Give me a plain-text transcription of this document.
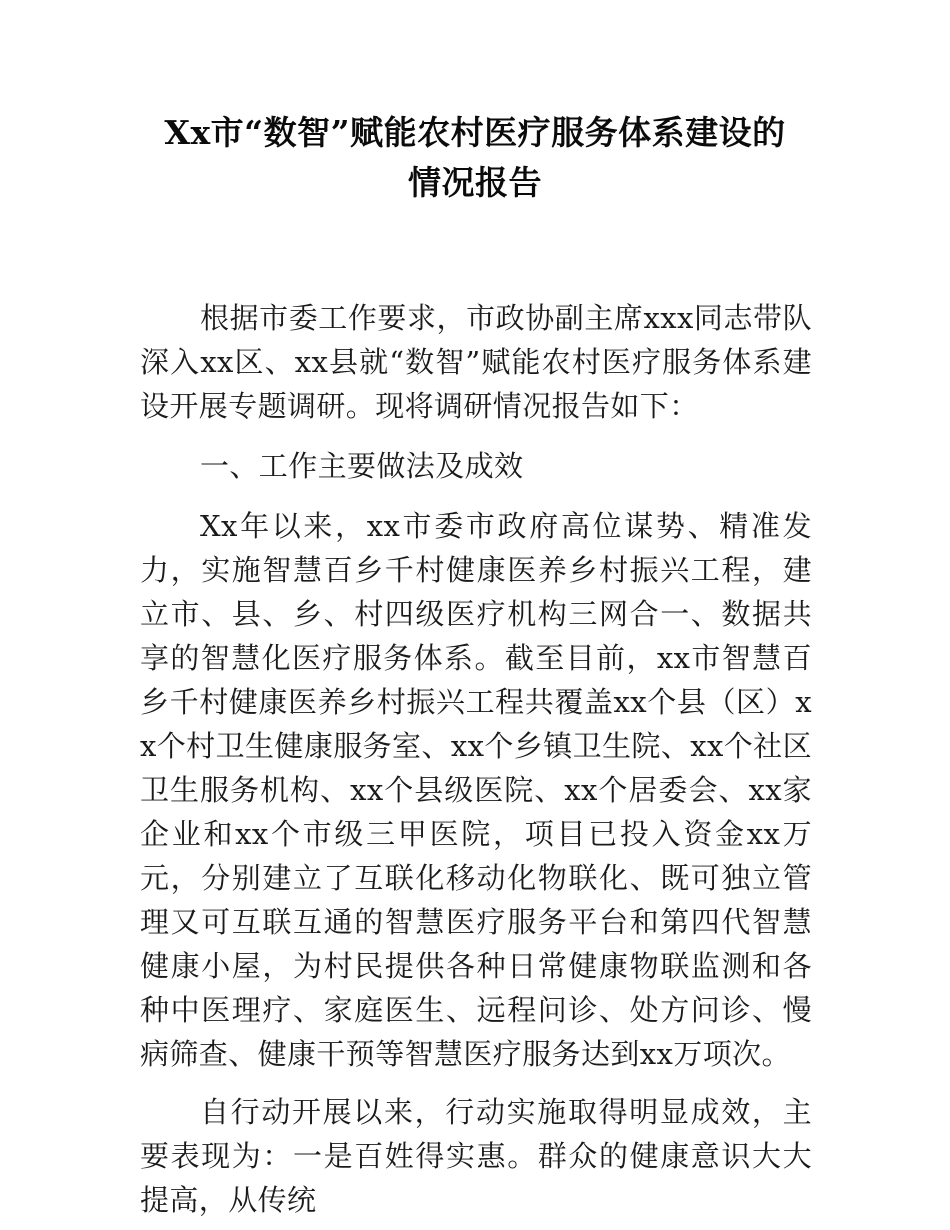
Xx市“数智”赋能农村医疗服务体系建设的
情况报告

根据市委工作要求，市政协副主席xxx同志带队深入xx区、xx县就“数智”赋能农村医疗服务体系建设开展专题调研。现将调研情况报告如下：

一、工作主要做法及成效

Xx年以来，xx市委市政府高位谋势、精准发力，实施智慧百乡千村健康医养乡村振兴工程，建立市、县、乡、村四级医疗机构三网合一、数据共享的智慧化医疗服务体系。截至目前，xx市智慧百乡千村健康医养乡村振兴工程共覆盖xx个县（区）xx个村卫生健康服务室、xx个乡镇卫生院、xx个社区卫生服务机构、xx个县级医院、xx个居委会、xx家企业和xx个市级三甲医院，项目已投入资金xx万元，分别建立了互联化移动化物联化、既可独立管理又可互联互通的智慧医疗服务平台和第四代智慧健康小屋，为村民提供各种日常健康物联监测和各种中医理疗、家庭医生、远程问诊、处方问诊、慢病筛查、健康干预等智慧医疗服务达到xx万项次。

自行动开展以来，行动实施取得明显成效，主要表现为：一是百姓得实惠。群众的健康意识大大提高，从传统
